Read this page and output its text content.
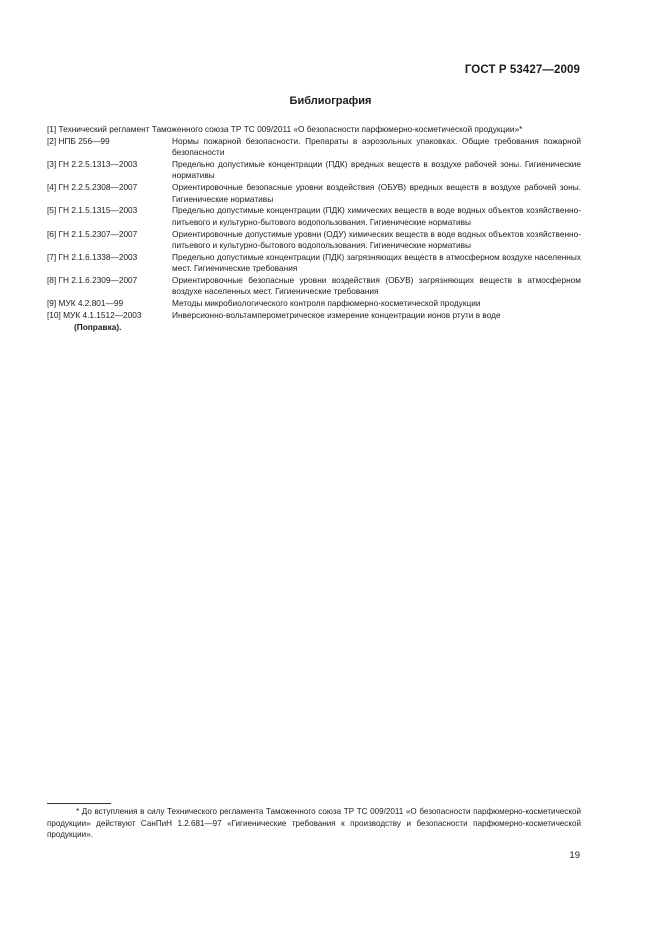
ГОСТ Р 53427—2009
Библиография
[1] Технический регламент Таможенного союза ТР ТС 009/2011 «О безопасности парфюмерно-косметической продукции»*
[2] НПБ 256—99	Нормы пожарной безопасности. Препараты в аэрозольных упаковках. Общие требования пожарной безопасности
[3] ГН 2.2.5.1313—2003	Предельно допустимые концентрации (ПДК) вредных веществ в воздухе рабочей зоны. Гигиенические нормативы
[4] ГН 2.2.5.2308—2007	Ориентировочные безопасные уровни воздействия (ОБУВ) вредных веществ в воздухе рабочей зоны. Гигиенические нормативы
[5] ГН 2.1.5.1315—2003	Предельно допустимые концентрации (ПДК) химических веществ в воде водных объектов хозяйственно-питьевого и культурно-бытового водопользования. Гигиенические нормативы
[6] ГН 2.1.5.2307—2007	Ориентировочные допустимые уровни (ОДУ) химических веществ в воде водных объектов хозяйственно-питьевого и культурно-бытового водопользования. Гигиенические нормативы
[7] ГН 2.1.6.1338—2003	Предельно допустимые концентрации (ПДК) загрязняющих веществ в атмосферном воздухе населенных мест. Гигиенические требования
[8] ГН 2.1.6.2309—2007	Ориентировочные безопасные уровни воздействия (ОБУВ) загрязняющих веществ в атмосферном воздухе населенных мест. Гигиенические требования
[9] МУК 4.2.801—99	Методы микробиологического контроля парфюмерно-косметической продукции
[10] МУК 4.1.1512—2003	Инверсионно-вольтамперометрическое измерение концентрации ионов ртути в воде
(Поправка).
* До вступления в силу Технического регламента Таможенного союза ТР ТС 009/2011 «О безопасности парфюмерно-косметической продукции» действуют СанПиН 1.2.681—97 «Гигиенические требования к производству и безопасности парфюмерно-косметической продукции».
19
